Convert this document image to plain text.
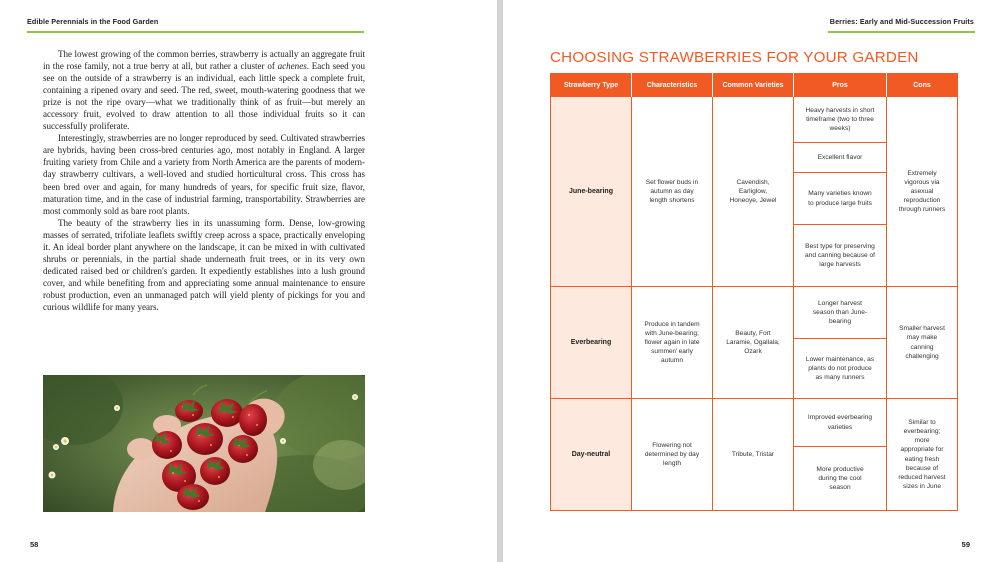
Edible Perennials in the Food Garden

The lowest growing of the common berries, strawberry is actually an aggregate fruit in the rose family, not a true berry at all, but rather a cluster of achenes. Each seed you see on the outside of a strawberry is an individual, each little speck a complete fruit, containing a ripened ovary and seed. The red, sweet, mouth-watering goodness that we prize is not the ripe ovary—what we traditionally think of as fruit—but merely an accessory fruit, evolved to draw attention to all those individual fruits so it can successfully proliferate.

Interestingly, strawberries are no longer reproduced by seed. Cultivated strawberries are hybrids, having been cross-bred centuries ago, most notably in England. A larger fruiting variety from Chile and a variety from North America are the parents of modern-day strawberry cultivars, a well-loved and studied horticultural cross. This cross has been bred over and again, for many hundreds of years, for specific fruit size, flavor, maturation time, and in the case of industrial farming, transportability. Strawberries are most commonly sold as bare root plants.

The beauty of the strawberry lies in its unassuming form. Dense, low-growing masses of serrated, trifoliate leaflets swiftly creep across a space, practically enveloping it. An ideal border plant anywhere on the landscape, it can be mixed in with cultivated shrubs or perennials, in the partial shade underneath fruit trees, or in its very own dedicated raised bed or children's garden. It expediently establishes into a lush ground cover, and while benefiting from and appreciating some annual maintenance to ensure robust production, even an unmanaged patch will yield plenty of pickings for you and curious wildlife for many years.

58
Berries: Early and Mid-Succession Fruits
CHOOSING STRAWBERRIES FOR YOUR GARDEN
Strawberry Type	Characteristics	Common Varieties	Pros	Cons
June-bearing	Set flower buds in autumn as day length shortens	Cavendish, Earliglow, Honeoye, Jewel	Heavy harvests in short timeframe (two to three weeks)	Extremely vigorous via asexual reproduction through runners

			Excellent flavor	

			Many varieties known to produce large fruits	

			Best type for preserving and canning because of large harvests	

Everbearing	Produce in tandem with June-bearing; flower again in late summer/ early autumn	Beauty, Fort Laramie, Ogallala, Ozark	Longer harvest season than June-bearing	Smaller harvest may make canning challenging

			Lower maintenance, as plants do not produce as many runners	

Day-neutral	Flowering not determined by day length	Tribute, Tristar	Improved everbearing varieties	Similar to everbearing; more appropriate for eating fresh because of reduced harvest sizes in June

			More productive during the cool season	
59
